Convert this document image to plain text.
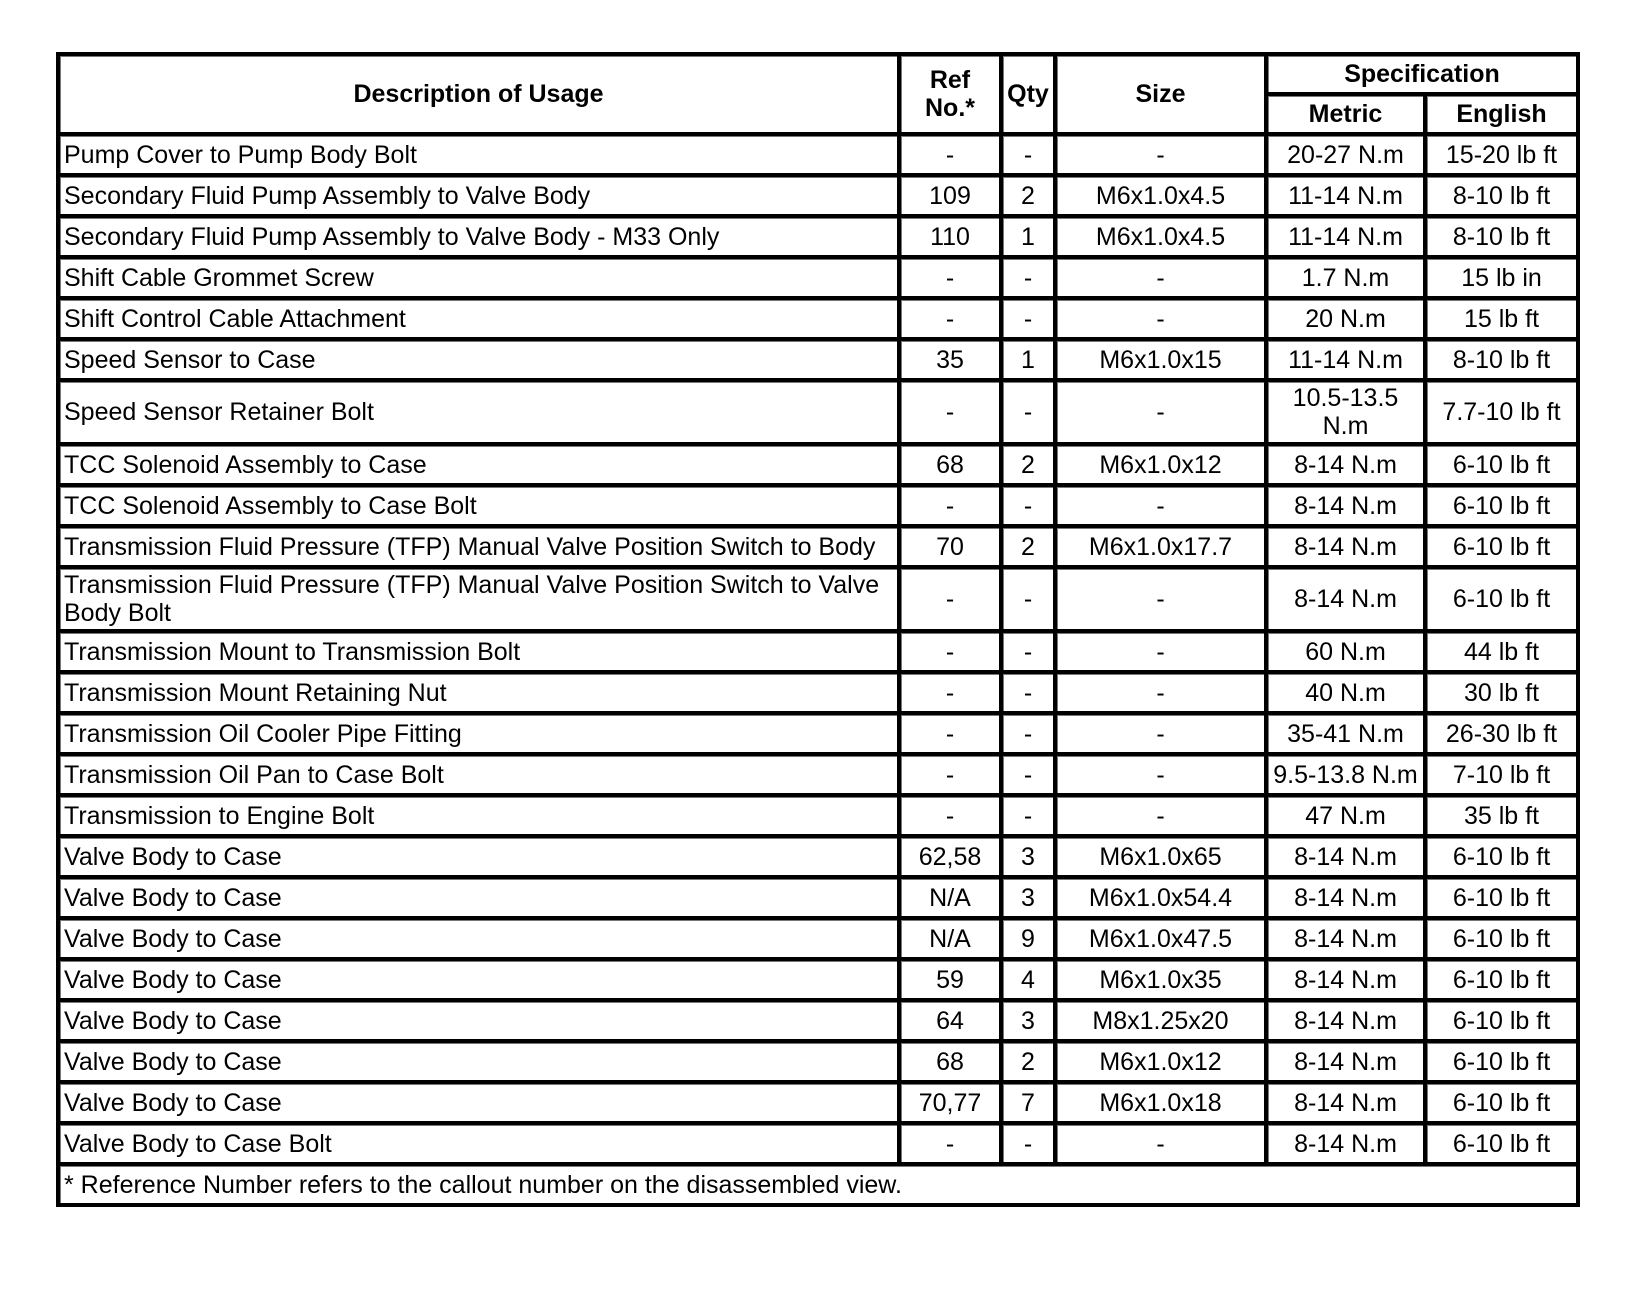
Description of Usage	Ref No.*	Qty	Size	Specification	
				Metric	English
Pump Cover to Pump Body Bolt	-	-	-	20-27 N.m	15-20 lb ft
Secondary Fluid Pump Assembly to Valve Body	109	2	M6x1.0x4.5	11-14 N.m	8-10 lb ft
Secondary Fluid Pump Assembly to Valve Body - M33 Only	110	1	M6x1.0x4.5	11-14 N.m	8-10 lb ft
Shift Cable Grommet Screw	-	-	-	1.7 N.m	15 lb in
Shift Control Cable Attachment	-	-	-	20 N.m	15 lb ft
Speed Sensor to Case	35	1	M6x1.0x15	11-14 N.m	8-10 lb ft
Speed Sensor Retainer Bolt	-	-	-	10.5-13.5 N.m	7.7-10 lb ft
TCC Solenoid Assembly to Case	68	2	M6x1.0x12	8-14 N.m	6-10 lb ft
TCC Solenoid Assembly to Case Bolt	-	-	-	8-14 N.m	6-10 lb ft
Transmission Fluid Pressure (TFP) Manual Valve Position Switch to Body	70	2	M6x1.0x17.7	8-14 N.m	6-10 lb ft
Transmission Fluid Pressure (TFP) Manual Valve Position Switch to Valve Body Bolt	-	-	-	8-14 N.m	6-10 lb ft
Transmission Mount to Transmission Bolt	-	-	-	60 N.m	44 lb ft
Transmission Mount Retaining Nut	-	-	-	40 N.m	30 lb ft
Transmission Oil Cooler Pipe Fitting	-	-	-	35-41 N.m	26-30 lb ft
Transmission Oil Pan to Case Bolt	-	-	-	9.5-13.8 N.m	7-10 lb ft
Transmission to Engine Bolt	-	-	-	47 N.m	35 lb ft
Valve Body to Case	62,58	3	M6x1.0x65	8-14 N.m	6-10 lb ft
Valve Body to Case	N/A	3	M6x1.0x54.4	8-14 N.m	6-10 lb ft
Valve Body to Case	N/A	9	M6x1.0x47.5	8-14 N.m	6-10 lb ft
Valve Body to Case	59	4	M6x1.0x35	8-14 N.m	6-10 lb ft
Valve Body to Case	64	3	M8x1.25x20	8-14 N.m	6-10 lb ft
Valve Body to Case	68	2	M6x1.0x12	8-14 N.m	6-10 lb ft
Valve Body to Case	70,77	7	M6x1.0x18	8-14 N.m	6-10 lb ft
Valve Body to Case Bolt	-	-	-	8-14 N.m	6-10 lb ft
* Reference Number refers to the callout number on the disassembled view.					
